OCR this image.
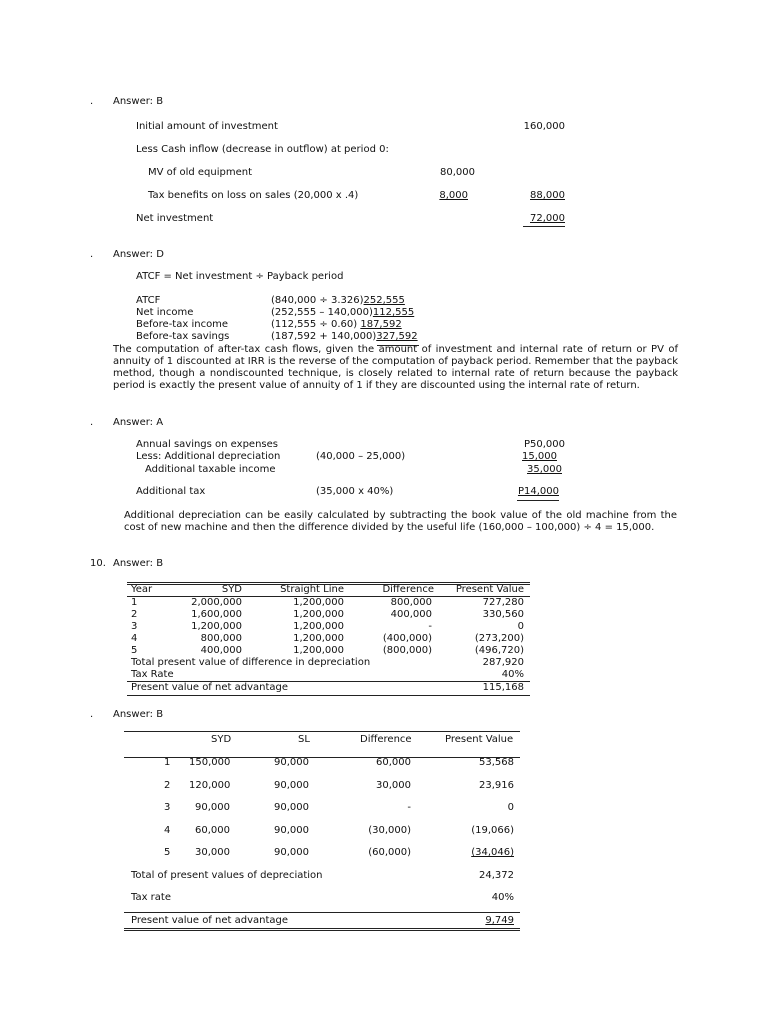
. Answer: B
Initial amount of investment	160,000
Less Cash inflow (decrease in outflow) at period 0:
MV of old equipment	80,000
Tax benefits on loss on sales (20,000 x .4)	8,000	88,000
Net investment	72,000
. Answer: D
ATCF = Net investment ÷ Payback period
ATCF	(840,000 ÷ 3.326)252,555
Net income	(252,555 – 140,000)112,555
Before-tax income	(112,555 ÷ 0.60) 187,592
Before-tax savings	(187,592 + 140,000)327,592
The computation of after-tax cash flows, given the amount of investment and internal rate of return or PV of annuity of 1 discounted at IRR is the reverse of the computation of payback period. Remember that the payback method, though a nondiscounted technique, is closely related to internal rate of return because the payback period is exactly the present value of annuity of 1 if they are discounted using the internal rate of return.
. Answer: A
Annual savings on expenses	P50,000
Less: Additional depreciation	(40,000 – 25,000)	15,000
Additional taxable income	35,000
Additional tax	(35,000 x 40%)	P14,000
Additional depreciation can be easily calculated by subtracting the book value of the old machine from the cost of new machine and then the difference divided by the useful life (160,000 – 100,000) ÷ 4 = 15,000.
10. Answer: B
Year	SYD	Straight Line	Difference	Present Value
1	2,000,000	1,200,000	800,000	727,280
2	1,600,000	1,200,000	400,000	330,560
3	1,200,000	1,200,000	-	0
4	800,000	1,200,000	(400,000)	(273,200)
5	400,000	1,200,000	(800,000)	(496,720)
Total present value of difference in depreciation	287,920
Tax Rate	40%
Present value of net advantage	115,168
. Answer: B
SYD	SL	Difference	Present Value
1 150,000	90,000	60,000	53,568
2 120,000	90,000	30,000	23,916
3 90,000	90,000	-	0
4 60,000	90,000	(30,000)	(19,066)
5 30,000	90,000	(60,000)	(34,046)
Total of present values of depreciation	24,372
Tax rate	40%
Present value of net advantage	9,749
